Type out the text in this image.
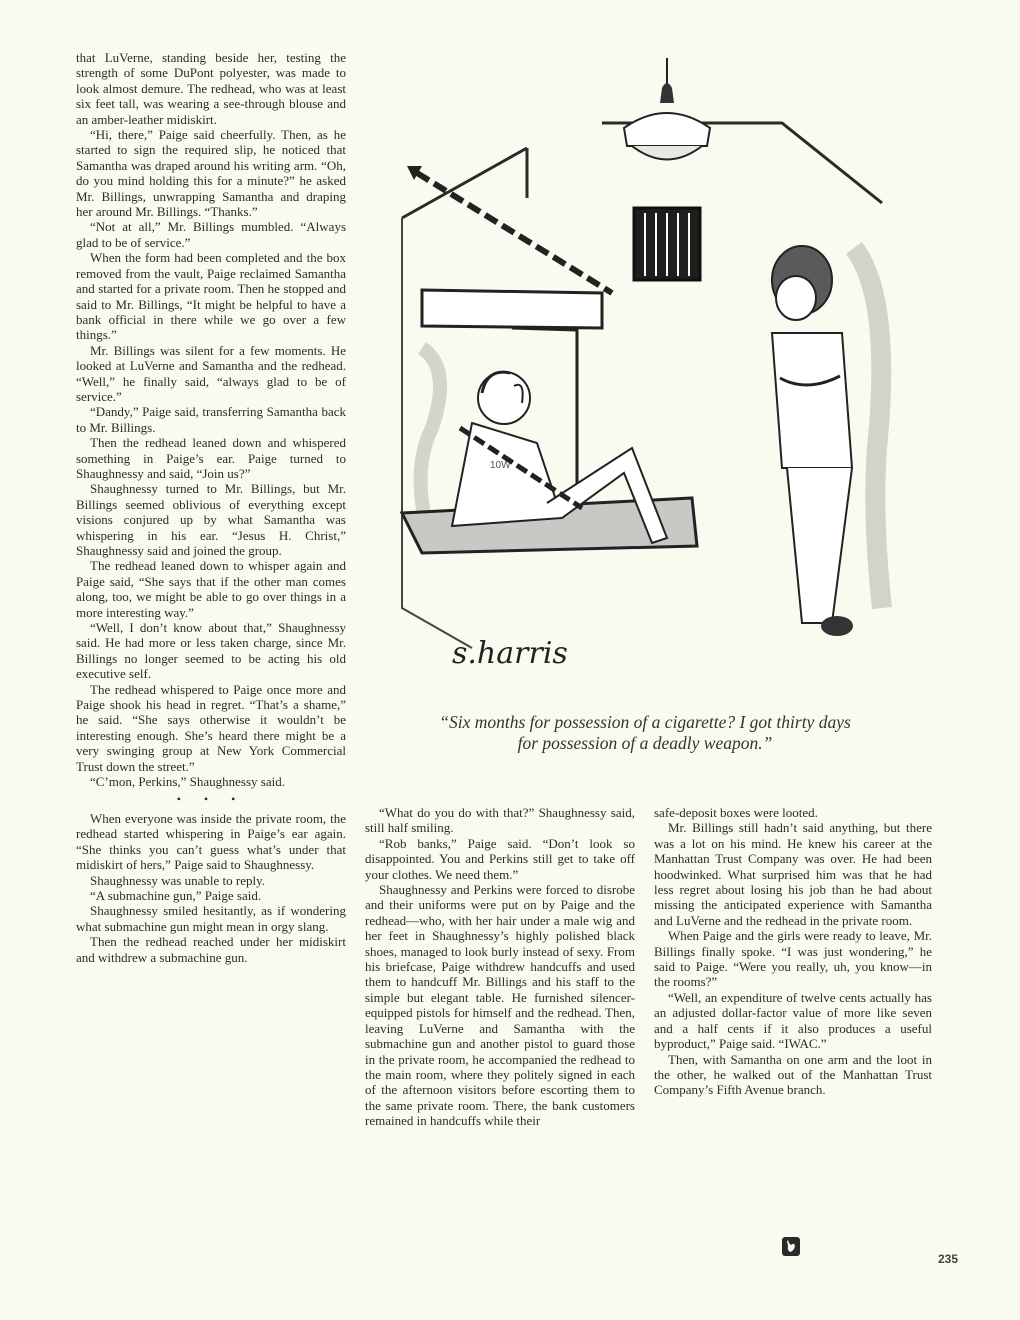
that LuVerne, standing beside her, testing the strength of some DuPont polyester, was made to look almost demure. The redhead, who was at least six feet tall, was wearing a see-through blouse and an amber-leather midiskirt.

“Hi, there,” Paige said cheerfully. Then, as he started to sign the required slip, he noticed that Samantha was draped around his writing arm. “Oh, do you mind holding this for a minute?” he asked Mr. Billings, unwrapping Samantha and draping her around Mr. Billings. “Thanks.”

“Not at all,” Mr. Billings mumbled. “Always glad to be of service.”

When the form had been completed and the box removed from the vault, Paige reclaimed Samantha and started for a private room. Then he stopped and said to Mr. Billings, “It might be helpful to have a bank official in there while we go over a few things.”

Mr. Billings was silent for a few moments. He looked at LuVerne and Samantha and the redhead. “Well,” he finally said, “always glad to be of service.”

“Dandy,” Paige said, transferring Samantha back to Mr. Billings.

Then the redhead leaned down and whispered something in Paige’s ear. Paige turned to Shaughnessy and said, “Join us?”

Shaughnessy turned to Mr. Billings, but Mr. Billings seemed oblivious of everything except visions conjured up by what Samantha was whispering in his ear. “Jesus H. Christ,” Shaughnessy said and joined the group.

The redhead leaned down to whisper again and Paige said, “She says that if the other man comes along, too, we might be able to go over things in a more interesting way.”

“Well, I don’t know about that,” Shaughnessy said. He had more or less taken charge, since Mr. Billings no longer seemed to be acting his old executive self.

The redhead whispered to Paige once more and Paige shook his head in regret. “That’s a shame,” he said. “She says otherwise it wouldn’t be interesting enough. She’s heard there might be a very swinging group at New York Commercial Trust down the street.”

“C’mon, Perkins,” Shaughnessy said.

• • •

When everyone was inside the private room, the redhead started whispering in Paige’s ear again. “She thinks you can’t guess what’s under that midiskirt of hers,” Paige said to Shaughnessy.

Shaughnessy was unable to reply.

“A submachine gun,” Paige said.

Shaughnessy smiled hesitantly, as if wondering what submachine gun might mean in orgy slang.

Then the redhead reached under her midiskirt and withdrew a submachine gun.

10W
s.harris
“Six months for possession of a cigarette? I got thirty days
for possession of a deadly weapon.”

“What do you do with that?” Shaughnessy said, still half smiling.

“Rob banks,” Paige said. “Don’t look so disappointed. You and Perkins still get to take off your clothes. We need them.”

Shaughnessy and Perkins were forced to disrobe and their uniforms were put on by Paige and the redhead—who, with her hair under a male wig and her feet in Shaughnessy’s highly polished black shoes, managed to look burly instead of sexy. From his briefcase, Paige withdrew handcuffs and used them to handcuff Mr. Billings and his staff to the simple but elegant table. He furnished silencer-equipped pistols for himself and the redhead. Then, leaving LuVerne and Samantha with the submachine gun and another pistol to guard those in the private room, he accompanied the redhead to the main room, where they politely signed in each of the afternoon visitors before escorting them to the same private room. There, the bank customers remained in handcuffs while their

safe-deposit boxes were looted.

Mr. Billings still hadn’t said anything, but there was a lot on his mind. He knew his career at the Manhattan Trust Company was over. He had been hoodwinked. What surprised him was that he had less regret about losing his job than he had about missing the anticipated experience with Samantha and LuVerne and the redhead in the private room.

When Paige and the girls were ready to leave, Mr. Billings finally spoke. “I was just wondering,” he said to Paige. “Were you really, uh, you know—in the rooms?”

“Well, an expenditure of twelve cents actually has an adjusted dollar-factor value of more like seven and a half cents if it also produces a useful byproduct,” Paige said. “IWAC.”

Then, with Samantha on one arm and the loot in the other, he walked out of the Manhattan Trust Company’s Fifth Avenue branch.

235
